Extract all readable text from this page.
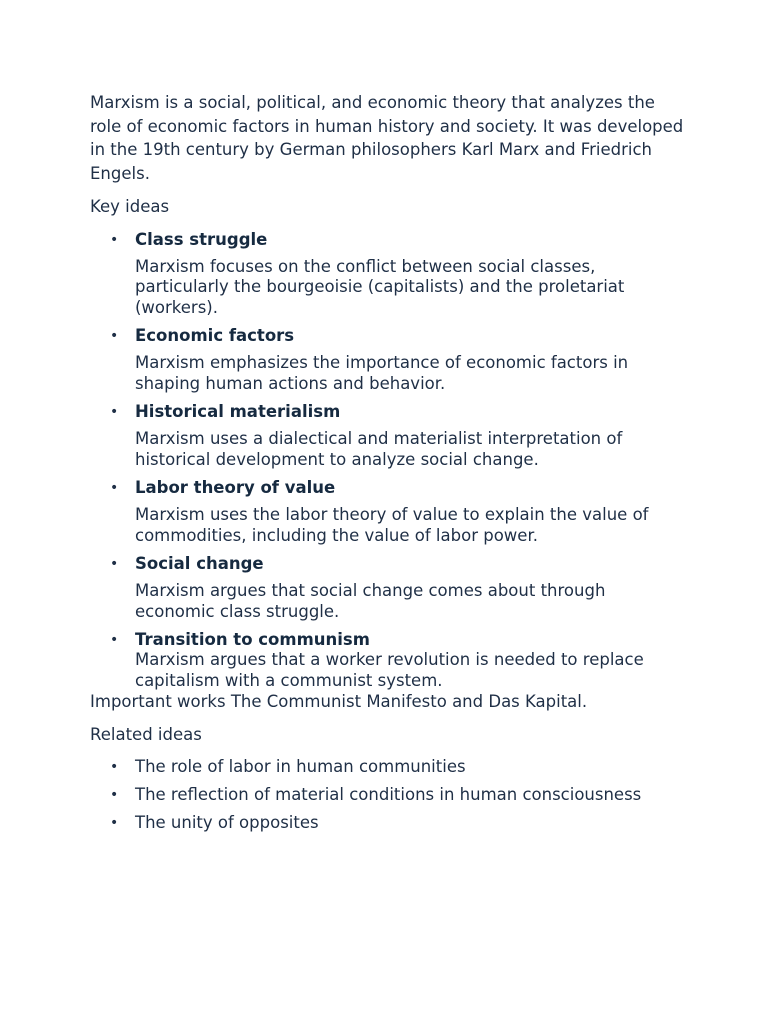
Marxism is a social, political, and economic theory that analyzes the role of economic factors in human history and society. It was developed in the 19th century by German philosophers Karl Marx and Friedrich Engels.

Key ideas

• Class struggle
Marxism focuses on the conflict between social classes, particularly the bourgeoisie (capitalists) and the proletariat (workers).
• Economic factors
Marxism emphasizes the importance of economic factors in shaping human actions and behavior.
• Historical materialism
Marxism uses a dialectical and materialist interpretation of historical development to analyze social change.
• Labor theory of value
Marxism uses the labor theory of value to explain the value of commodities, including the value of labor power.
• Social change
Marxism argues that social change comes about through economic class struggle.
• Transition to communism
Marxism argues that a worker revolution is needed to replace capitalism with a communist system.

Important works The Communist Manifesto and Das Kapital.

Related ideas

• The role of labor in human communities
• The reflection of material conditions in human consciousness
• The unity of opposites
